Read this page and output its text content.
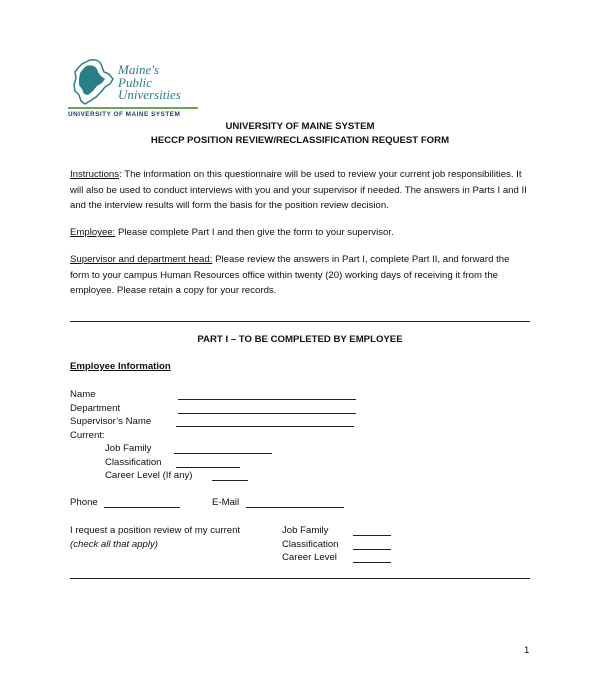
Maine's
Public
Universities
UNIVERSITY OF MAINE SYSTEM
UNIVERSITY OF MAINE SYSTEM
HECCP POSITION REVIEW/RECLASSIFICATION REQUEST FORM
Instructions: The information on this questionnaire will be used to review your current job responsibilities. It will also be used to conduct interviews with you and your supervisor if needed. The answers in Parts I and II and the interview results will form the basis for the position review decision.
Employee: Please complete Part I and then give the form to your supervisor.
Supervisor and department head: Please review the answers in Part I, complete Part II, and forward the form to your campus Human Resources office within twenty (20) working days of receiving it from the employee. Please retain a copy for your records.
PART I – TO BE COMPLETED BY EMPLOYEE
Employee Information
Name
Department
Supervisor’s Name
Current:
Job Family
Classification
Career Level (If any)
Phone	E-Mail
I request a position review of my current
(check all that apply)
Job Family
Classification
Career Level
1
